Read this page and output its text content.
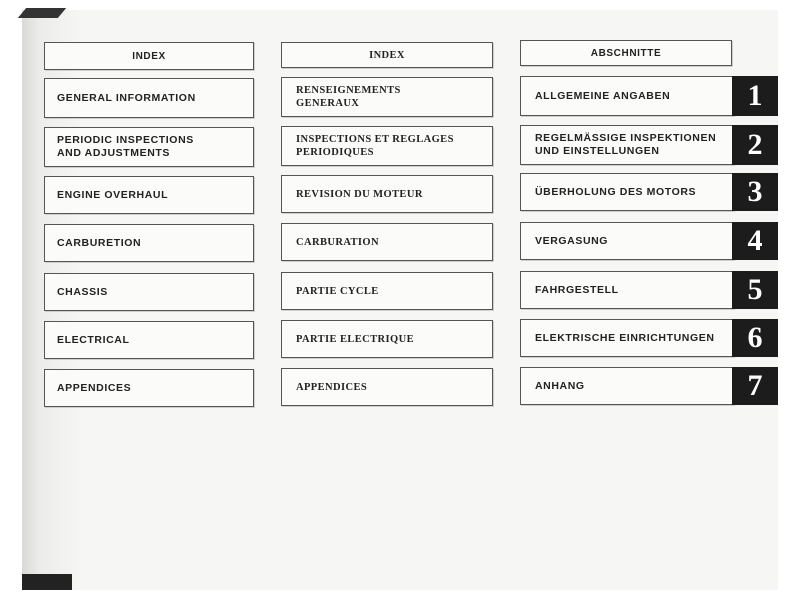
INDEX
GENERAL INFORMATION
PERIODIC INSPECTIONS
AND ADJUSTMENTS
ENGINE OVERHAUL
CARBURETION
CHASSIS
ELECTRICAL
APPENDICES
INDEX
RENSEIGNEMENTS
GENERAUX
INSPECTIONS ET REGLAGES
PERIODIQUES
REVISION DU MOTEUR
CARBURATION
PARTIE CYCLE
PARTIE ELECTRIQUE
APPENDICES
ABSCHNITTE
ALLGEMEINE ANGABEN
REGELMÄSSIGE INSPEKTIONEN
UND EINSTELLUNGEN
ÜBERHOLUNG DES MOTORS
VERGASUNG
FAHRGESTELL
ELEKTRISCHE EINRICHTUNGEN
ANHANG
1
2
3
4
5
6
7
